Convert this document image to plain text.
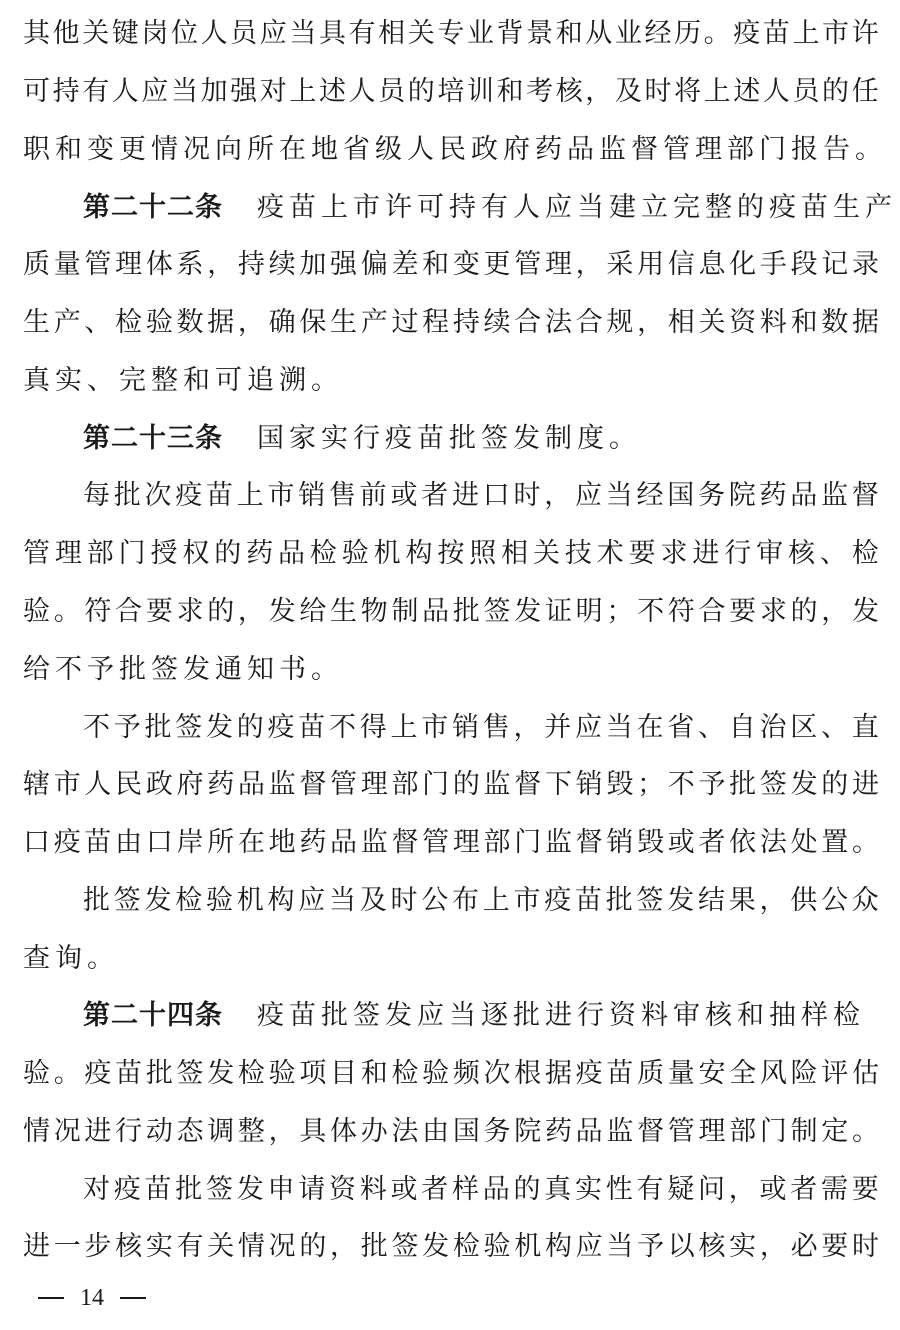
其 他 关 键 岗 位 人 员 应 当 具 有 相 关 专 业 背 景 和 从 业 经 历 。 疫 苗 上 市 许
可 持 有 人 应 当 加 强 对 上 述 人 员 的 培 训 和 考 核 ， 及 时 将 上 述 人 员 的 任
职和变更情况向所在地省级人民政府药品监督管理部门报告。
第二十二条 疫苗上市许可持有人应当建立完整的疫苗生产
质 量 管 理 体 系 ， 持 续 加 强 偏 差 和 变 更 管 理 ， 采 用 信 息 化 手 段 记 录
生 产 、 检 验 数 据 ， 确 保 生 产 过 程 持 续 合 法 合 规 ， 相 关 资 料 和 数 据
真实、完整和可追溯。
第二十三条 国家实行疫苗批签发制度。
每 批 次 疫 苗 上 市 销 售 前 或 者 进 口 时 ， 应 当 经 国 务 院 药 品 监 督
管 理 部 门 授 权 的 药 品 检 验 机 构 按 照 相 关 技 术 要 求 进 行 审 核 、 检
验 。 符 合 要 求 的 ， 发 给 生 物 制 品 批 签 发 证 明 ； 不 符 合 要 求 的 ， 发
给不予批签发通知书。
不 予 批 签 发 的 疫 苗 不 得 上 市 销 售 ， 并 应 当 在 省 、 自 治 区 、 直
辖 市 人 民 政 府 药 品 监 督 管 理 部 门 的 监 督 下 销 毁 ； 不 予 批 签 发 的 进
口 疫 苗 由 口 岸 所 在 地 药 品 监 督 管 理 部 门 监 督 销 毁 或 者 依 法 处 置 。
批 签 发 检 验 机 构 应 当 及 时 公 布 上 市 疫 苗 批 签 发 结 果 ， 供 公 众
查询。
第二十四条 疫苗批签发应当逐批进行资料审核和抽样检
验 。 疫 苗 批 签 发 检 验 项 目 和 检 验 频 次 根 据 疫 苗 质 量 安 全 风 险 评 估
情 况 进 行 动 态 调 整 ， 具 体 办 法 由 国 务 院 药 品 监 督 管 理 部 门 制 定 。
对 疫 苗 批 签 发 申 请 资 料 或 者 样 品 的 真 实 性 有 疑 问 ， 或 者 需 要
进 一 步 核 实 有 关 情 况 的 ， 批 签 发 检 验 机 构 应 当 予 以 核 实 ， 必 要 时
14
